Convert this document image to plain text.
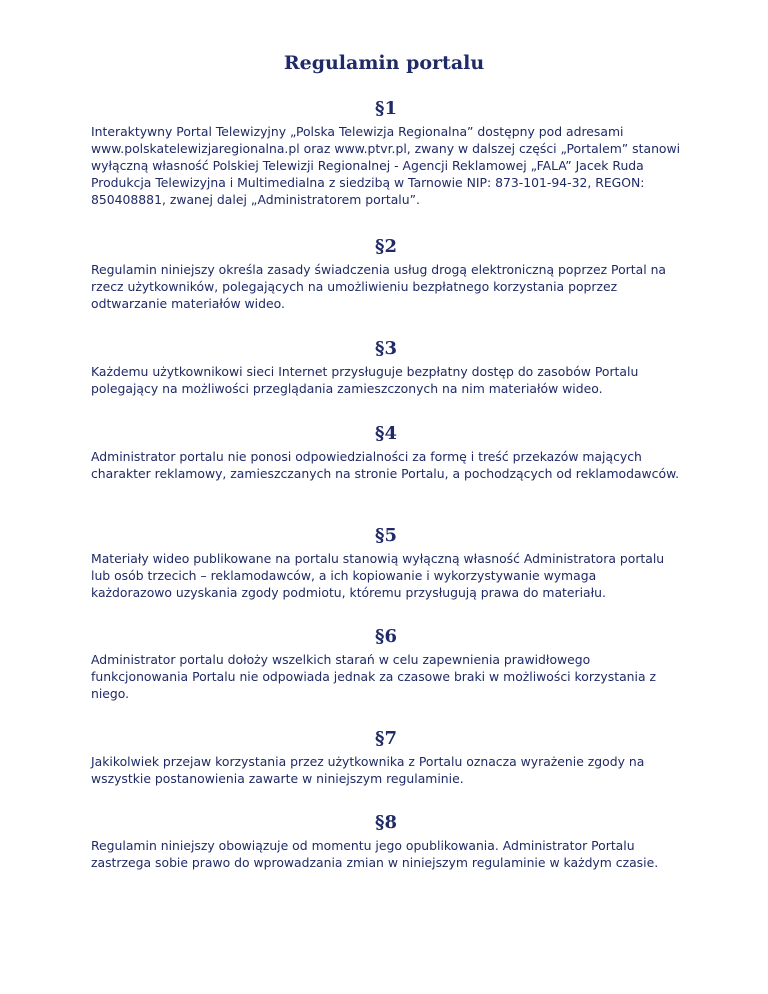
Regulamin portalu
§1

Interaktywny Portal Telewizyjny „Polska Telewizja Regionalna” dostępny pod adresami www.polskatelewizjaregionalna.pl oraz www.ptvr.pl, zwany w dalszej części „Portalem” stanowi wyłączną własność Polskiej Telewizji Regionalnej - Agencji Reklamowej „FALA” Jacek Ruda Produkcja Telewizyjna i Multimedialna z siedzibą w Tarnowie NIP: 873-101-94-32, REGON: 850408881, zwanej dalej „Administratorem portalu”.

§2

Regulamin niniejszy określa zasady świadczenia usług drogą elektroniczną poprzez Portal na rzecz użytkowników, polegających na umożliwieniu bezpłatnego korzystania poprzez odtwarzanie materiałów wideo.

§3

Każdemu użytkownikowi sieci Internet przysługuje bezpłatny dostęp do zasobów Portalu polegający na możliwości przeglądania zamieszczonych na nim materiałów wideo.

§4

Administrator portalu nie ponosi odpowiedzialności za formę i treść przekazów mających charakter reklamowy, zamieszczanych na stronie Portalu, a pochodzących od reklamodawców.

§5

Materiały wideo publikowane na portalu stanowią wyłączną własność Administratora portalu lub osób trzecich – reklamodawców, a ich kopiowanie i wykorzystywanie wymaga każdorazowo uzyskania zgody podmiotu, któremu przysługują prawa do materiału.

§6

Administrator portalu dołoży wszelkich starań w celu zapewnienia prawidłowego funkcjonowania Portalu nie odpowiada jednak za czasowe braki w możliwości korzystania z niego.

§7

Jakikolwiek przejaw korzystania przez użytkownika z Portalu oznacza wyrażenie zgody na wszystkie postanowienia zawarte w niniejszym regulaminie.

§8

Regulamin niniejszy obowiązuje od momentu jego opublikowania. Administrator Portalu zastrzega sobie prawo do wprowadzania zmian w niniejszym regulaminie w każdym czasie.
